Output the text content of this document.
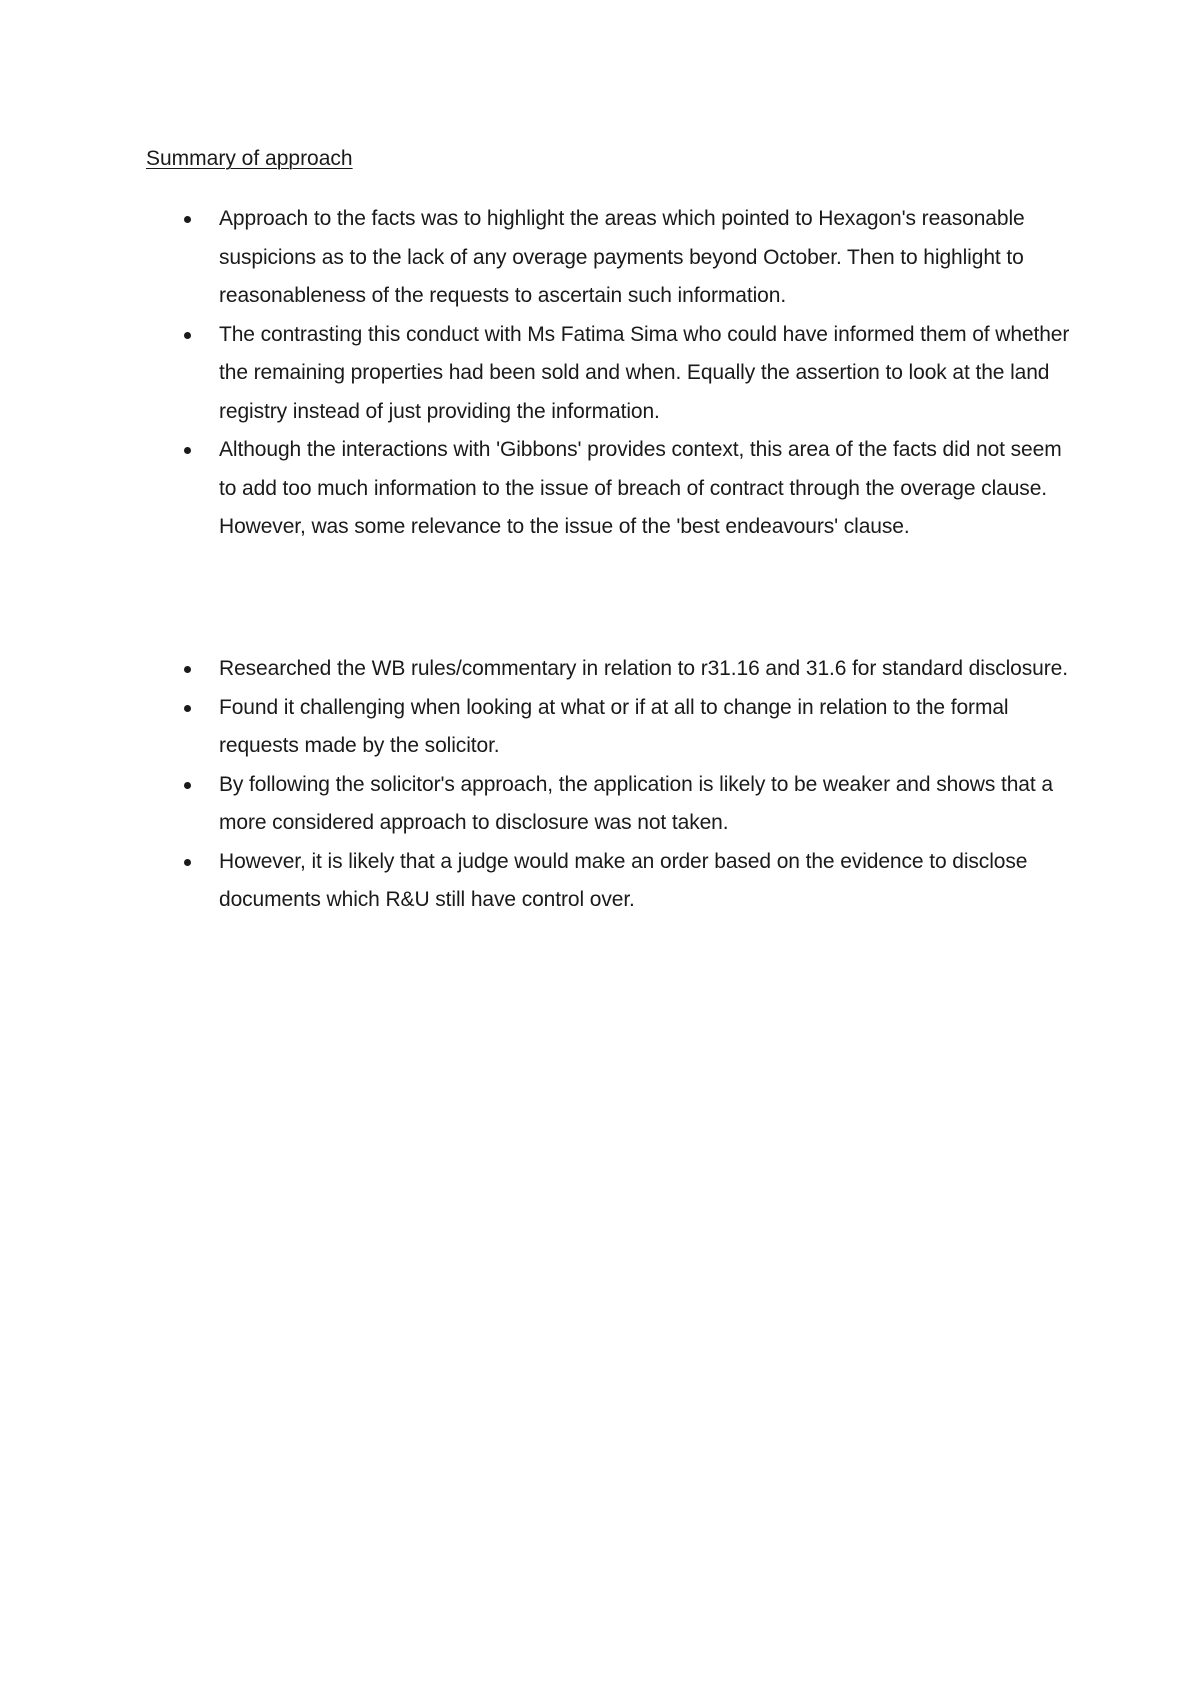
Summary of approach
Approach to the facts was to highlight the areas which pointed to Hexagon's reasonable suspicions as to the lack of any overage payments beyond October. Then to highlight to reasonableness of the requests to ascertain such information.
The contrasting this conduct with Ms Fatima Sima who could have informed them of whether the remaining properties had been sold and when. Equally the assertion to look at the land registry instead of just providing the information.
Although the interactions with 'Gibbons' provides context, this area of the facts did not seem to add too much information to the issue of breach of contract through the overage clause. However, was some relevance to the issue of the 'best endeavours' clause.
Researched the WB rules/commentary in relation to r31.16 and 31.6 for standard disclosure.
Found it challenging when looking at what or if at all to change in relation to the formal requests made by the solicitor.
By following the solicitor's approach, the application is likely to be weaker and shows that a more considered approach to disclosure was not taken.
However, it is likely that a judge would make an order based on the evidence to disclose documents which R&U still have control over.
